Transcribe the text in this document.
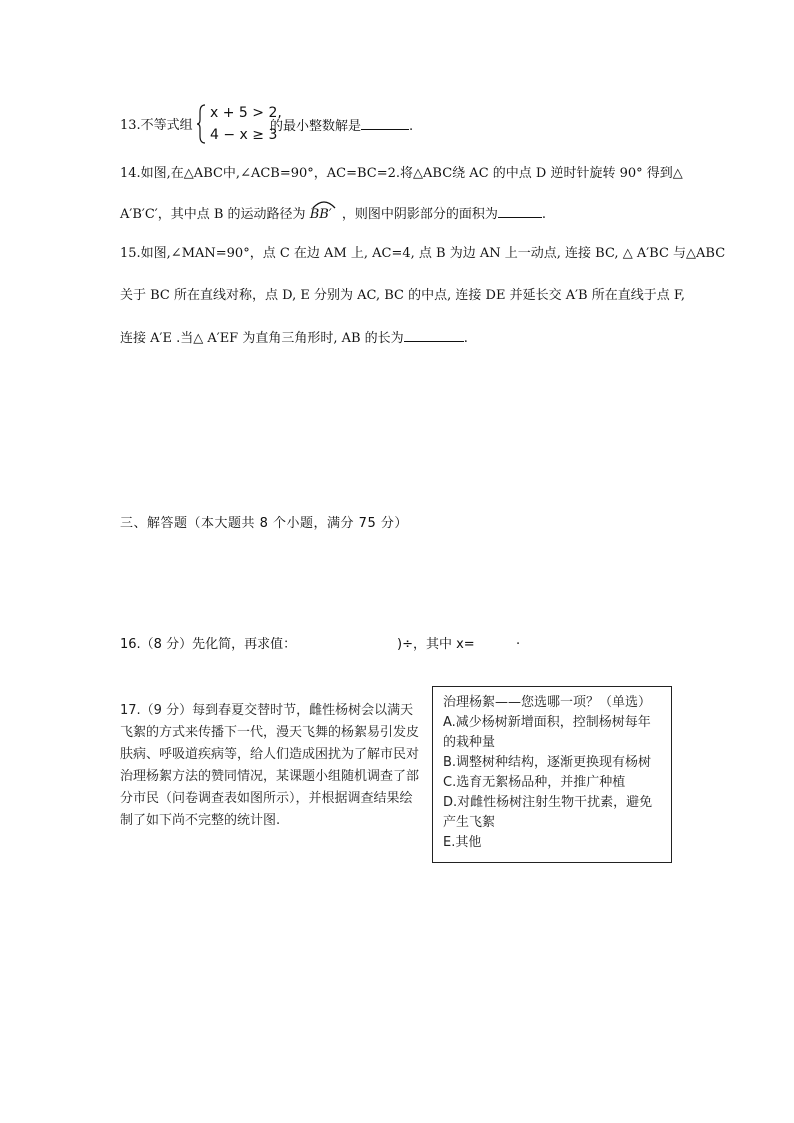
13.不等式组
x + 5 > 2,
4 − x ≥ 3
的最小整数解是	.
14.如图,在△ABC中,∠ACB=90°，AC=BC=2.将△ABC绕 AC 的中点 D 逆时针旋转 90° 得到△
A′B′C′，其中点 B 的运动路径为 BB′ ，则图中阴影部分的面积为	.
15.如图,∠MAN=90°，点 C 在边 AM 上, AC=4, 点 B 为边 AN 上一动点, 连接 BC, △ A′BC 与△ABC
关于 BC 所在直线对称，点 D, E 分别为 AC, BC 的中点, 连接 DE 并延长交 A′B 所在直线于点 F,
连接 A′E .当△ A′EF 为直角三角形时, AB 的长为	.
三、解答题（本大题共 8 个小题，满分 75 分）
16.（8 分）先化简，再求值：	)÷，其中 x=	.
17.（9 分）每到春夏交替时节，雌性杨树会以满天飞絮的方式来传播下一代，漫天飞舞的杨絮易引发皮肤病、呼吸道疾病等，给人们造成困扰为了解市民对治理杨絮方法的赞同情况，某课题小组随机调查了部分市民（问卷调查表如图所示），并根据调查结果绘制了如下尚不完整的统计图.
治理杨絮——您选哪一项？（单选）
A.减少杨树新增面积，控制杨树每年的栽种量
B.调整树种结构，逐渐更换现有杨树
C.选育无絮杨品种，并推广种植
D.对雌性杨树注射生物干扰素，避免产生飞絮
E.其他
